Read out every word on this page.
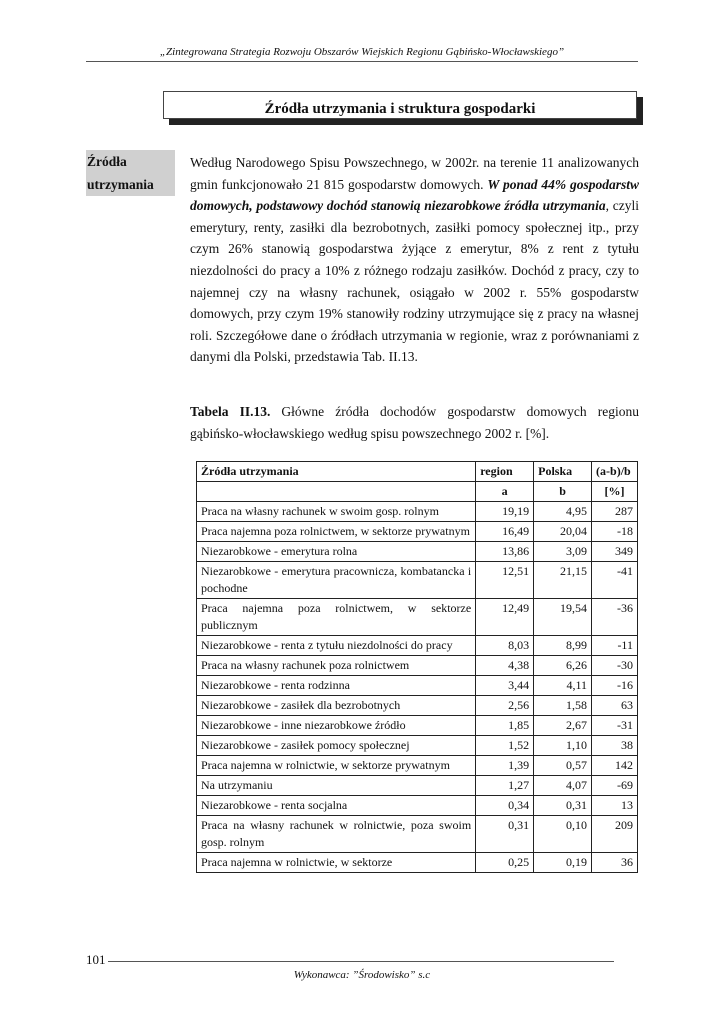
„Zintegrowana Strategia Rozwoju Obszarów Wiejskich Regionu Gąbińsko-Włocławskiego”
Źródła utrzymania i struktura gospodarki
Źródła
utrzymania
Według Narodowego Spisu Powszechnego, w 2002r. na terenie 11 analizowanych gmin funkcjonowało 21 815 gospodarstw domowych. W ponad 44% gospodarstw domowych, podstawowy dochód stanowią niezarobkowe źródła utrzymania, czyli emerytury, renty, zasiłki dla bezrobotnych, zasiłki pomocy społecznej itp., przy czym 26% stanowią gospodarstwa żyjące z emerytur, 8% z rent z tytułu niezdolności do pracy a 10% z różnego rodzaju zasiłków. Dochód z pracy, czy to najemnej czy na własny rachunek, osiągało w 2002 r. 55% gospodarstw domowych, przy czym 19% stanowiły rodziny utrzymujące się z pracy na własnej roli. Szczegółowe dane o źródłach utrzymania w regionie, wraz z porównaniami z danymi dla Polski, przedstawia Tab. II.13.
Tabela II.13. Główne źródła dochodów gospodarstw domowych regionu gąbińsko-włocławskiego według spisu powszechnego 2002 r. [%].
Źródła utrzymania	region	Polska	(a-b)/b
	a	b	[%]
Praca na własny rachunek w swoim gosp. rolnym	19,19	4,95	287
Praca najemna poza rolnictwem, w sektorze prywatnym	16,49	20,04	-18
Niezarobkowe - emerytura rolna	13,86	3,09	349
Niezarobkowe - emerytura pracownicza, kombatancka i pochodne	12,51	21,15	-41
Praca najemna poza rolnictwem, w sektorze publicznym	12,49	19,54	-36
Niezarobkowe - renta z tytułu niezdolności do pracy	8,03	8,99	-11
Praca na własny rachunek poza rolnictwem	4,38	6,26	-30
Niezarobkowe - renta rodzinna	3,44	4,11	-16
Niezarobkowe - zasiłek dla bezrobotnych	2,56	1,58	63
Niezarobkowe - inne niezarobkowe źródło	1,85	2,67	-31
Niezarobkowe - zasiłek pomocy społecznej	1,52	1,10	38
Praca najemna w rolnictwie, w sektorze prywatnym	1,39	0,57	142
Na utrzymaniu	1,27	4,07	-69
Niezarobkowe - renta socjalna	0,34	0,31	13
Praca na własny rachunek w rolnictwie, poza swoim gosp. rolnym	0,31	0,10	209
Praca najemna w rolnictwie, w sektorze	0,25	0,19	36
101
Wykonawca: ”Środowisko” s.c
